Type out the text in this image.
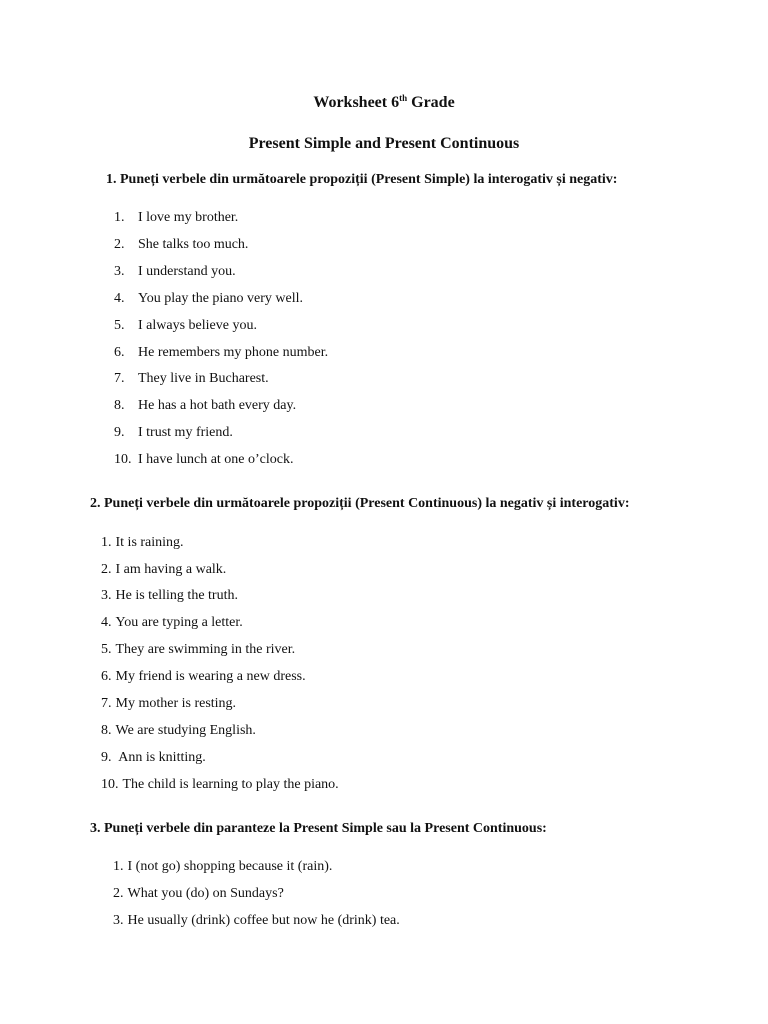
Worksheet 6th Grade
Present Simple and Present Continuous
1. Puneți verbele din următoarele propoziții (Present Simple) la interogativ și negativ:
1. I love my brother.
2. She talks too much.
3. I understand you.
4. You play the piano very well.
5. I always believe you.
6. He remembers my phone number.
7. They live in Bucharest.
8. He has a hot bath every day.
9. I trust my friend.
10. I have lunch at one o’clock.
2. Puneți verbele din următoarele propoziții (Present Continuous) la negativ și interogativ:
1. It is raining.
2. I am having a walk.
3. He is telling the truth.
4. You are typing a letter.
5. They are swimming in the river.
6. My friend is wearing a new dress.
7. My mother is resting.
8. We are studying English.
9. Ann is knitting.
10. The child is learning to play the piano.
3. Puneți verbele din paranteze la Present Simple sau la Present Continuous:
1. I (not go) shopping because it (rain).
2. What you (do) on Sundays?
3. He usually (drink) coffee but now he (drink) tea.
